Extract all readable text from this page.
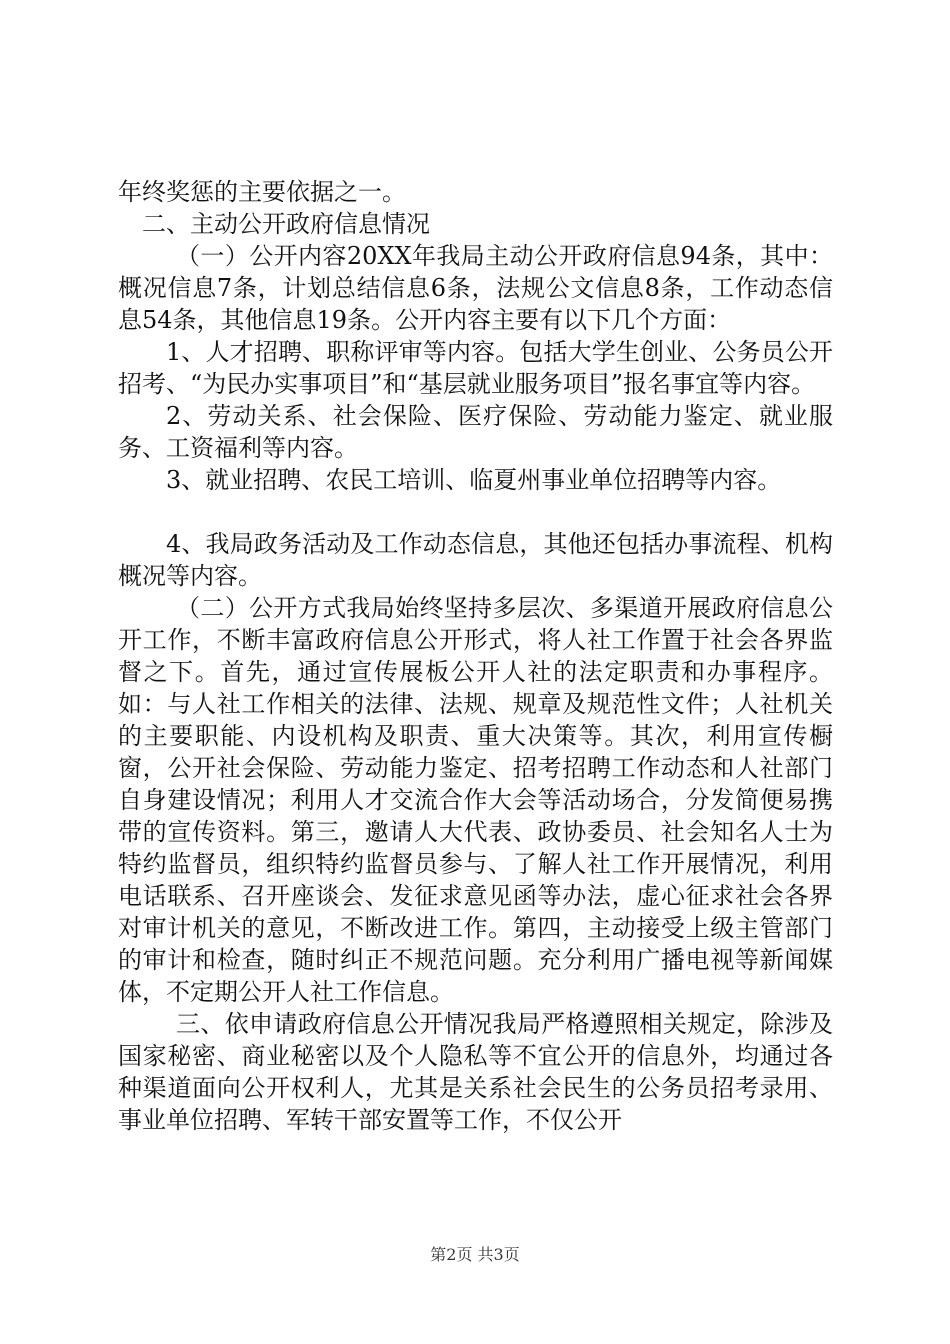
年终奖惩的主要依据之一。

二、主动公开政府信息情况

（一）公开内容20XX年我局主动公开政府信息94条，其中：概况信息7条，计划总结信息6条，法规公文信息8条，工作动态信息54条，其他信息19条。公开内容主要有以下几个方面：

1、人才招聘、职称评审等内容。包括大学生创业、公务员公开招考、“为民办实事项目”和“基层就业服务项目”报名事宜等内容。

2、劳动关系、社会保险、医疗保险、劳动能力鉴定、就业服务、工资福利等内容。

3、就业招聘、农民工培训、临夏州事业单位招聘等内容。

4、我局政务活动及工作动态信息，其他还包括办事流程、机构概况等内容。

（二）公开方式我局始终坚持多层次、多渠道开展政府信息公开工作，不断丰富政府信息公开形式，将人社工作置于社会各界监督之下。首先，通过宣传展板公开人社的法定职责和办事程序。如：与人社工作相关的法律、法规、规章及规范性文件；人社机关的主要职能、内设机构及职责、重大决策等。其次，利用宣传橱窗，公开社会保险、劳动能力鉴定、招考招聘工作动态和人社部门自身建设情况；利用人才交流合作大会等活动场合，分发简便易携带的宣传资料。第三，邀请人大代表、政协委员、社会知名人士为特约监督员，组织特约监督员参与、了解人社工作开展情况，利用电话联系、召开座谈会、发征求意见函等办法，虚心征求社会各界对审计机关的意见，不断改进工作。第四，主动接受上级主管部门的审计和检查，随时纠正不规范问题。充分利用广播电视等新闻媒体，不定期公开人社工作信息。

三、依申请政府信息公开情况我局严格遵照相关规定，除涉及国家秘密、商业秘密以及个人隐私等不宜公开的信息外，均通过各种渠道面向公开权利人，尤其是关系社会民生的公务员招考录用、事业单位招聘、军转干部安置等工作，不仅公开

第2页 共3页
